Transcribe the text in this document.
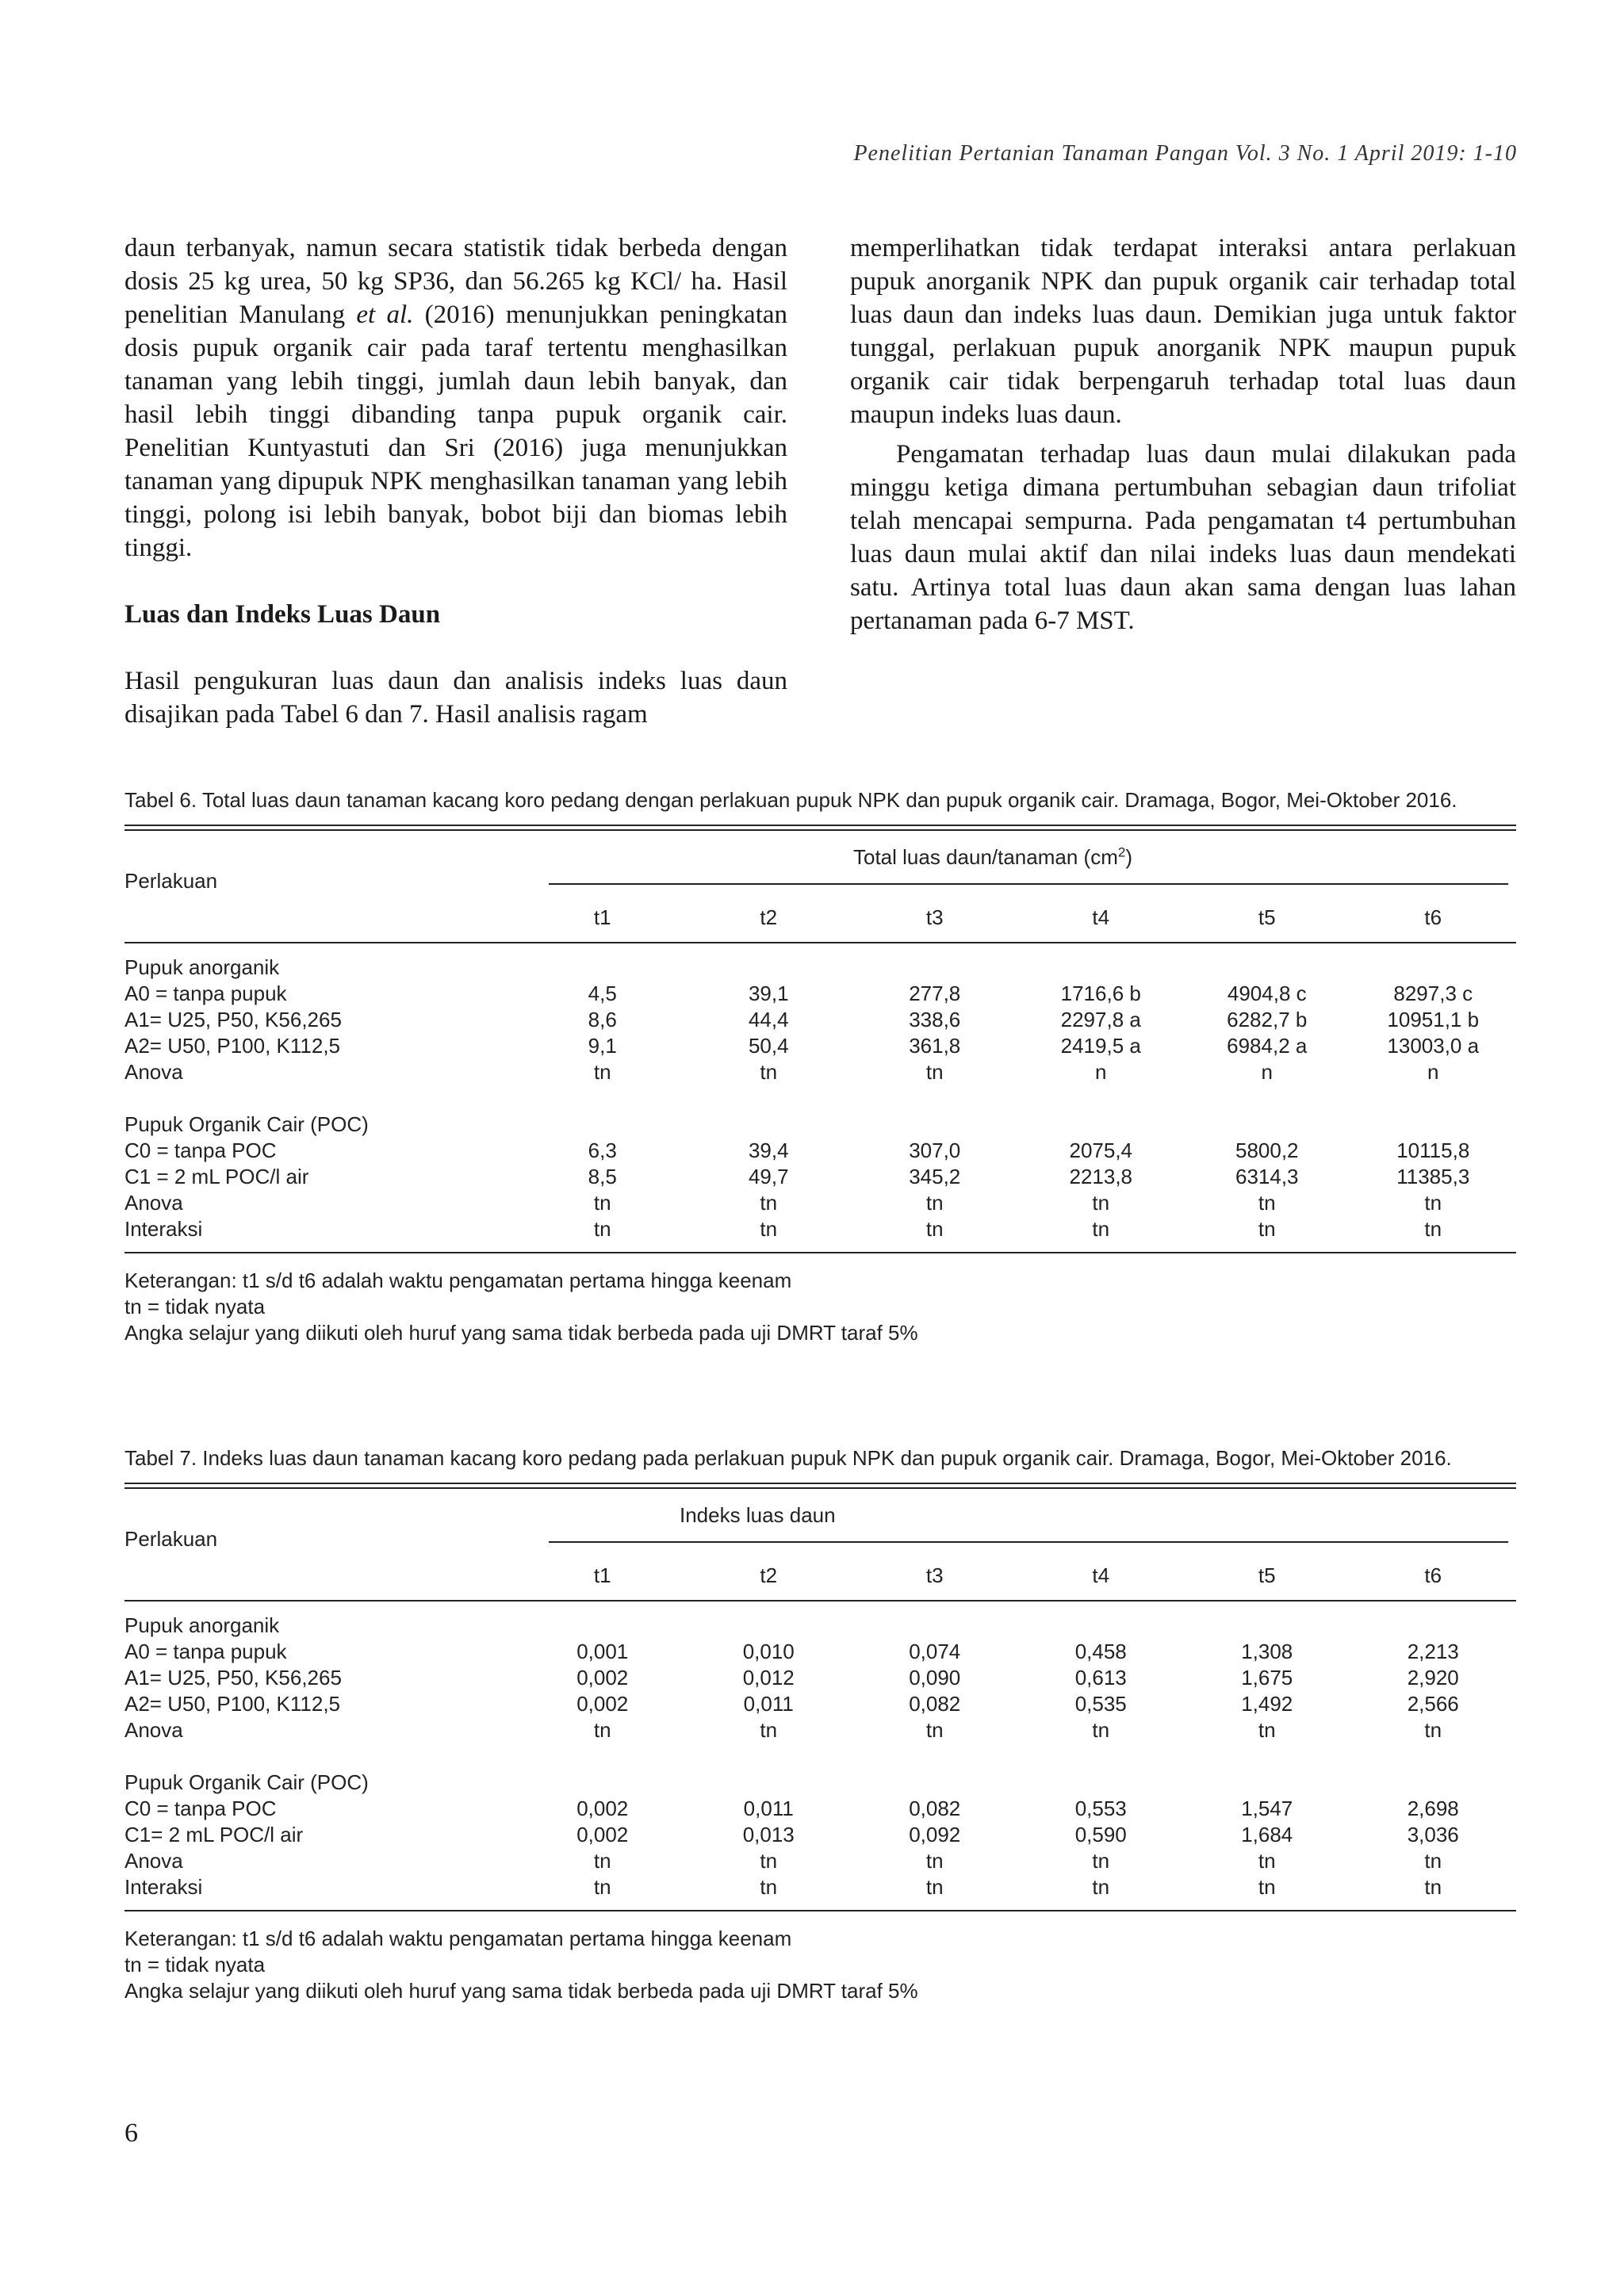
Penelitian Pertanian Tanaman Pangan Vol. 3 No. 1 April 2019: 1-10

daun terbanyak, namun secara statistik tidak berbeda dengan dosis 25 kg urea, 50 kg SP36, dan 56.265 kg KCl/ ha. Hasil penelitian Manulang et al. (2016) menunjukkan peningkatan dosis pupuk organik cair pada taraf tertentu menghasilkan tanaman yang lebih tinggi, jumlah daun lebih banyak, dan hasil lebih tinggi dibanding tanpa pupuk organik cair. Penelitian Kuntyastuti dan Sri (2016) juga menunjukkan tanaman yang dipupuk NPK menghasilkan tanaman yang lebih tinggi, polong isi lebih banyak, bobot biji dan biomas lebih tinggi.

Luas dan Indeks Luas Daun

Hasil pengukuran luas daun dan analisis indeks luas daun disajikan pada Tabel 6 dan 7. Hasil analisis ragam

memperlihatkan tidak terdapat interaksi antara perlakuan pupuk anorganik NPK dan pupuk organik cair terhadap total luas daun dan indeks luas daun. Demikian juga untuk faktor tunggal, perlakuan pupuk anorganik NPK maupun pupuk organik cair tidak berpengaruh terhadap total luas daun maupun indeks luas daun.

Pengamatan terhadap luas daun mulai dilakukan pada minggu ketiga dimana pertumbuhan sebagian daun trifoliat telah mencapai sempurna. Pada pengamatan t4 pertumbuhan luas daun mulai aktif dan nilai indeks luas daun mendekati satu. Artinya total luas daun akan sama dengan luas lahan pertanaman pada 6-7 MST.

Tabel 6. Total luas daun tanaman kacang koro pedang dengan perlakuan pupuk NPK dan pupuk organik cair. Dramaga, Bogor, Mei-Oktober 2016.
Perlakuan
Total luas daun/tanaman $(cm^2)$
t1	t2	t3	t4	t5	t6
Pupuk anorganik						
A0 = tanpa pupuk	4,5	39,1	277,8	1716,6 b	4904,8 c	8297,3 c
A1= U25, P50, K56,265	8,6	44,4	338,6	2297,8 a	6282,7 b	10951,1 b
A2= U50, P100, K112,5	9,1	50,4	361,8	2419,5 a	6984,2 a	13003,0 a
Anova	tn	tn	tn	n	n	n

Pupuk Organik Cair (POC)						
C0 = tanpa POC	6,3	39,4	307,0	2075,4	5800,2	10115,8
C1 = 2 mL POC/l air	8,5	49,7	345,2	2213,8	6314,3	11385,3
Anova	tn	tn	tn	tn	tn	tn
Interaksi	tn	tn	tn	tn	tn	tn
Keterangan: t1 s/d t6 adalah waktu pengamatan pertama hingga keenam
tn = tidak nyata
Angka selajur yang diikuti oleh huruf yang sama tidak berbeda pada uji DMRT taraf 5%
Tabel 7. Indeks luas daun tanaman kacang koro pedang pada perlakuan pupuk NPK dan pupuk organik cair. Dramaga, Bogor, Mei-Oktober 2016.
Perlakuan
Indeks luas daun
t1	t2	t3	t4	t5	t6
Pupuk anorganik						
A0 = tanpa pupuk	0,001	0,010	0,074	0,458	1,308	2,213
A1= U25, P50, K56,265	0,002	0,012	0,090	0,613	1,675	2,920
A2= U50, P100, K112,5	0,002	0,011	0,082	0,535	1,492	2,566
Anova	tn	tn	tn	tn	tn	tn

Pupuk Organik Cair (POC)						
C0 = tanpa POC	0,002	0,011	0,082	0,553	1,547	2,698
C1= 2 mL POC/l air	0,002	0,013	0,092	0,590	1,684	3,036
Anova	tn	tn	tn	tn	tn	tn
Interaksi	tn	tn	tn	tn	tn	tn
Keterangan: t1 s/d t6 adalah waktu pengamatan pertama hingga keenam
tn = tidak nyata
Angka selajur yang diikuti oleh huruf yang sama tidak berbeda pada uji DMRT taraf 5%
6
